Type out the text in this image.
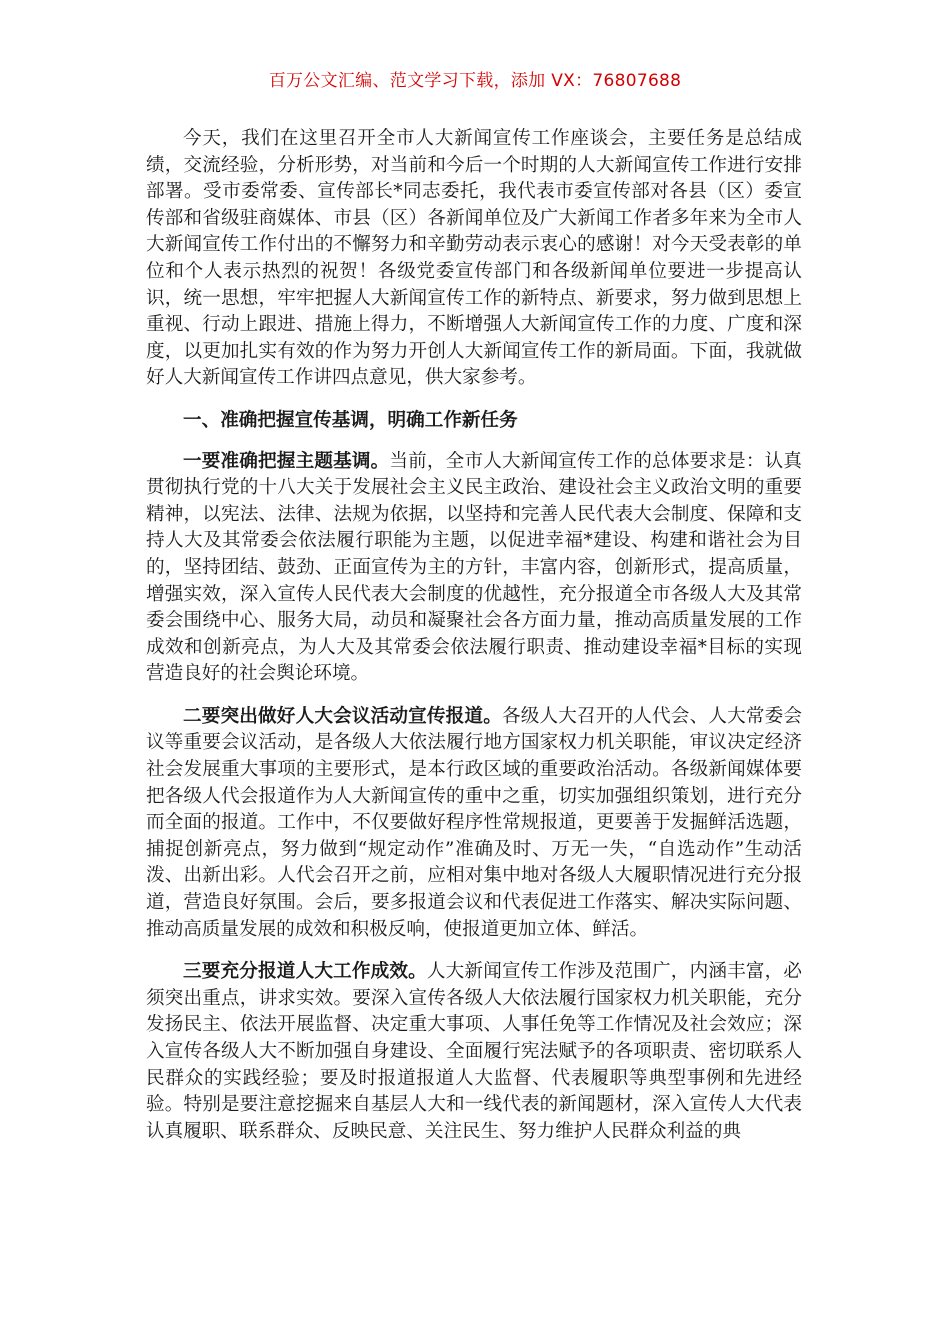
百万公文汇编、范文学习下载，添加 VX：76807688

今天，我们在这里召开全市人大新闻宣传工作座谈会，主要任务是总结成绩，交流经验，分析形势，对当前和今后一个时期的人大新闻宣传工作进行安排部署。受市委常委、宣传部长*同志委托，我代表市委宣传部对各县（区）委宣传部和省级驻商媒体、市县（区）各新闻单位及广大新闻工作者多年来为全市人大新闻宣传工作付出的不懈努力和辛勤劳动表示衷心的感谢！对今天受表彰的单位和个人表示热烈的祝贺！各级党委宣传部门和各级新闻单位要进一步提高认识，统一思想，牢牢把握人大新闻宣传工作的新特点、新要求，努力做到思想上重视、行动上跟进、措施上得力，不断增强人大新闻宣传工作的力度、广度和深度，以更加扎实有效的作为努力开创人大新闻宣传工作的新局面。下面，我就做好人大新闻宣传工作讲四点意见，供大家参考。

一、准确把握宣传基调，明确工作新任务

一要准确把握主题基调。当前，全市人大新闻宣传工作的总体要求是：认真贯彻执行党的十八大关于发展社会主义民主政治、建设社会主义政治文明的重要精神，以宪法、法律、法规为依据，以坚持和完善人民代表大会制度、保障和支持人大及其常委会依法履行职能为主题，以促进幸福*建设、构建和谐社会为目的，坚持团结、鼓劲、正面宣传为主的方针，丰富内容，创新形式，提高质量，增强实效，深入宣传人民代表大会制度的优越性，充分报道全市各级人大及其常委会围绕中心、服务大局，动员和凝聚社会各方面力量，推动高质量发展的工作成效和创新亮点，为人大及其常委会依法履行职责、推动建设幸福*目标的实现营造良好的社会舆论环境。

二要突出做好人大会议活动宣传报道。各级人大召开的人代会、人大常委会议等重要会议活动，是各级人大依法履行地方国家权力机关职能，审议决定经济社会发展重大事项的主要形式，是本行政区域的重要政治活动。各级新闻媒体要把各级人代会报道作为人大新闻宣传的重中之重，切实加强组织策划，进行充分而全面的报道。工作中，不仅要做好程序性常规报道，更要善于发掘鲜活选题，捕捉创新亮点，努力做到“规定动作”准确及时、万无一失，“自选动作”生动活泼、出新出彩。人代会召开之前，应相对集中地对各级人大履职情况进行充分报道，营造良好氛围。会后，要多报道会议和代表促进工作落实、解决实际问题、推动高质量发展的成效和积极反响，使报道更加立体、鲜活。

三要充分报道人大工作成效。人大新闻宣传工作涉及范围广，内涵丰富，必须突出重点，讲求实效。要深入宣传各级人大依法履行国家权力机关职能，充分发扬民主、依法开展监督、决定重大事项、人事任免等工作情况及社会效应；深入宣传各级人大不断加强自身建设、全面履行宪法赋予的各项职责、密切联系人民群众的实践经验；要及时报道报道人大监督、代表履职等典型事例和先进经验。特别是要注意挖掘来自基层人大和一线代表的新闻题材，深入宣传人大代表认真履职、联系群众、反映民意、关注民生、努力维护人民群众利益的典
